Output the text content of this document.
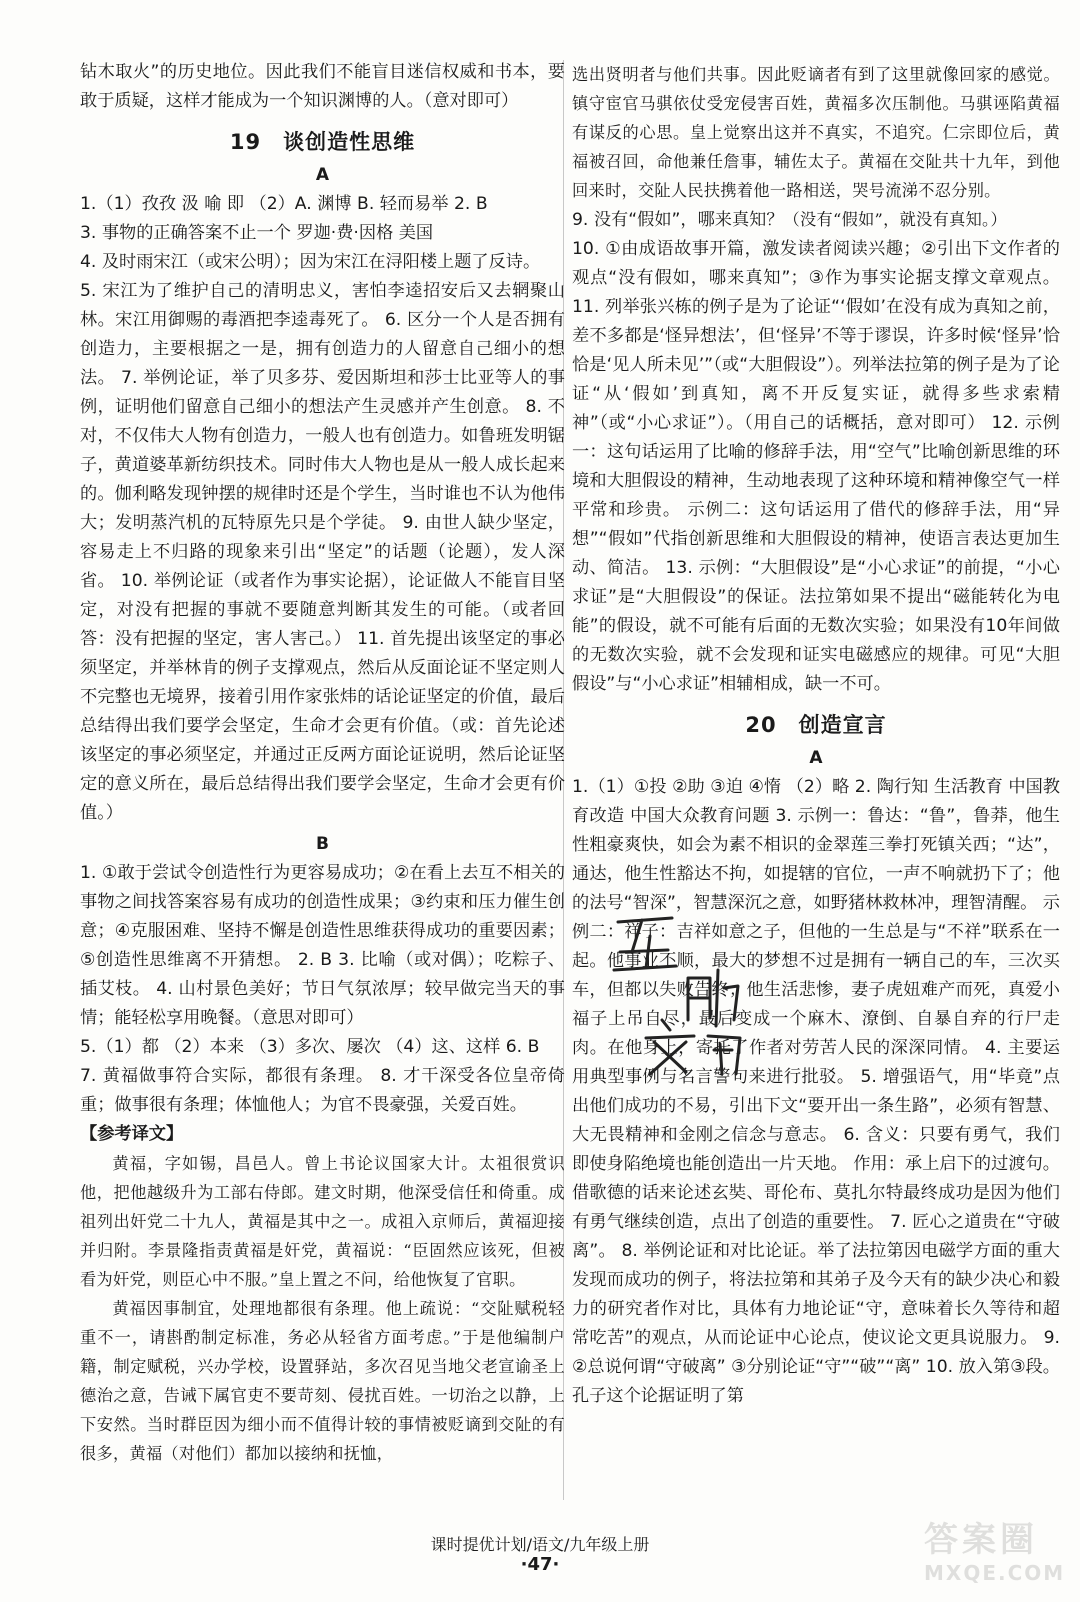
钻木取火”的历史地位。因此我们不能盲目迷信权威和书本，要敢于质疑，这样才能成为一个知识渊博的人。（意对即可）

19 谈创造性思维
A

1.（1）孜孜 汲 喻 即 （2）A. 渊博 B. 轻而易举 2. B

3. 事物的正确答案不止一个 罗迦·费·因格 美国

4. 及时雨宋江（或宋公明）；因为宋江在浔阳楼上题了反诗。

5. 宋江为了维护自己的清明忠义，害怕李逵招安后又去辋聚山林。宋江用御赐的毒酒把李逵毒死了。 6. 区分一个人是否拥有创造力，主要根据之一是，拥有创造力的人留意自己细小的想法。 7. 举例论证，举了贝多芬、爱因斯坦和莎士比亚等人的事例，证明他们留意自己细小的想法产生灵感并产生创意。 8. 不对，不仅伟大人物有创造力，一般人也有创造力。如鲁班发明锯子，黄道婆革新纺织技术。同时伟大人物也是从一般人成长起来的。伽利略发现钟摆的规律时还是个学生，当时谁也不认为他伟大；发明蒸汽机的瓦特原先只是个学徒。 9. 由世人缺少坚定，容易走上不归路的现象来引出“坚定”的话题（论题），发人深省。 10. 举例论证（或者作为事实论据），论证做人不能盲目坚定，对没有把握的事就不要随意判断其发生的可能。（或者回答：没有把握的坚定，害人害己。） 11. 首先提出该坚定的事必须坚定，并举林肯的例子支撑观点，然后从反面论证不坚定则人不完整也无境界，接着引用作家张炜的话论证坚定的价值，最后总结得出我们要学会坚定，生命才会更有价值。（或：首先论述该坚定的事必须坚定，并通过正反两方面论证说明，然后论证坚定的意义所在，最后总结得出我们要学会坚定，生命才会更有价值。）

B

1. ①敢于尝试令创造性行为更容易成功；②在看上去互不相关的事物之间找答案容易有成功的创造性成果；③约束和压力催生创意；④克服困难、坚持不懈是创造性思维获得成功的重要因素；⑤创造性思维离不开猜想。 2. B 3. 比喻（或对偶）；吃粽子、插艾枝。 4. 山村景色美好；节日气氛浓厚；较早做完当天的事情；能轻松享用晚餐。（意思对即可）

5.（1）都 （2）本来 （3）多次、屡次 （4）这、这样 6. B

7. 黄福做事符合实际，都很有条理。 8. 才干深受各位皇帝倚重；做事很有条理；体恤他人；为官不畏豪强，关爱百姓。

【参考译文】

黄福，字如锡，昌邑人。曾上书论议国家大计。太祖很赏识他，把他越级升为工部右侍郎。建文时期，他深受信任和倚重。成祖列出奸党二十九人，黄福是其中之一。成祖入京师后，黄福迎接并归附。李景隆指责黄福是奸党，黄福说：“臣固然应该死，但被看为奸党，则臣心中不服。”皇上置之不问，给他恢复了官职。

黄福因事制宜，处理地都很有条理。他上疏说：“交阯赋税轻重不一，请斟酌制定标准，务必从轻省方面考虑。”于是他编制户籍，制定赋税，兴办学校，设置驿站，多次召见当地父老宣谕圣上德治之意，告诫下属官吏不要苛刻、侵扰百姓。一切治之以静，上下安然。当时群臣因为细小而不值得计较的事情被贬谪到交阯的有很多，黄福（对他们）都加以接纳和抚恤，

选出贤明者与他们共事。因此贬谪者有到了这里就像回家的感觉。镇守宦官马骐依仗受宠侵害百姓，黄福多次压制他。马骐诬陷黄福有谋反的心思。皇上觉察出这并不真实，不追究。仁宗即位后，黄福被召回，命他兼任詹事，辅佐太子。黄福在交阯共十九年，到他回来时，交阯人民扶携着他一路相送，哭号流涕不忍分别。

9. 没有“假如”，哪来真知？（没有“假如”，就没有真知。）

10. ①由成语故事开篇，激发读者阅读兴趣；②引出下文作者的观点“没有假如，哪来真知”；③作为事实论据支撑文章观点。 11. 列举张兴栋的例子是为了论证“‘假如’在没有成为真知之前，差不多都是‘怪异想法’，但‘怪异’不等于谬误，许多时候‘怪异’恰恰是‘见人所未见’”（或“大胆假设”）。列举法拉第的例子是为了论证“从‘假如’到真知，离不开反复实证，就得多些求索精神”（或“小心求证”）。（用自己的话概括，意对即可） 12. 示例一：这句话运用了比喻的修辞手法，用“空气”比喻创新思维的环境和大胆假设的精神，生动地表现了这种环境和精神像空气一样平常和珍贵。 示例二：这句话运用了借代的修辞手法，用“异想”“假如”代指创新思维和大胆假设的精神，使语言表达更加生动、简洁。 13. 示例：“大胆假设”是“小心求证”的前提，“小心求证”是“大胆假设”的保证。法拉第如果不提出“磁能转化为电能”的假设，就不可能有后面的无数次实验；如果没有10年间做的无数次实验，就不会发现和证实电磁感应的规律。可见“大胆假设”与“小心求证”相辅相成，缺一不可。

20 创造宣言
A

1.（1）①投 ②助 ③迫 ④惰 （2）略 2. 陶行知 生活教育 中国教育改造 中国大众教育问题 3. 示例一：鲁达：“鲁”，鲁莽，他生性粗豪爽快，如会为素不相识的金翠莲三拳打死镇关西；“达”，通达，他生性豁达不拘，如提辖的官位，一声不响就扔下了；他的法号“智深”，智慧深沉之意，如野猪林救林冲，理智清醒。 示例二：祥子：吉祥如意之子，但他的一生总是与“不祥”联系在一起。他事业不顺，最大的梦想不过是拥有一辆自己的车，三次买车，但都以失败告终；他生活悲惨，妻子虎妞难产而死，真爱小福子上吊自尽，最后变成一个麻木、潦倒、自暴自弃的行尸走肉。在他身上，寄托了作者对劳苦人民的深深同情。 4. 主要运用典型事例与名言警句来进行批驳。 5. 增强语气，用“毕竟”点出他们成功的不易，引出下文“要开出一条生路”，必须有智慧、大无畏精神和金刚之信念与意志。 6. 含义：只要有勇气，我们即使身陷绝境也能创造出一片天地。 作用：承上启下的过渡句。借歌德的话来论述玄奘、哥伦布、莫扎尔特最终成功是因为他们有勇气继续创造，点出了创造的重要性。 7. 匠心之道贵在“守破离”。 8. 举例论证和对比论证。举了法拉第因电磁学方面的重大发现而成功的例子，将法拉第和其弟子及今天有的缺少决心和毅力的研究者作对比，具体有力地论证“守，意味着长久等待和超常吃苦”的观点，从而论证中心论点，使议论文更具说服力。 9. ②总说何谓“守破离” ③分别论证“守”“破”“离” 10. 放入第③段。孔子这个论据证明了第

课时提优计划/语文/九年级上册
·47·
答案圈
MXQE.COM
